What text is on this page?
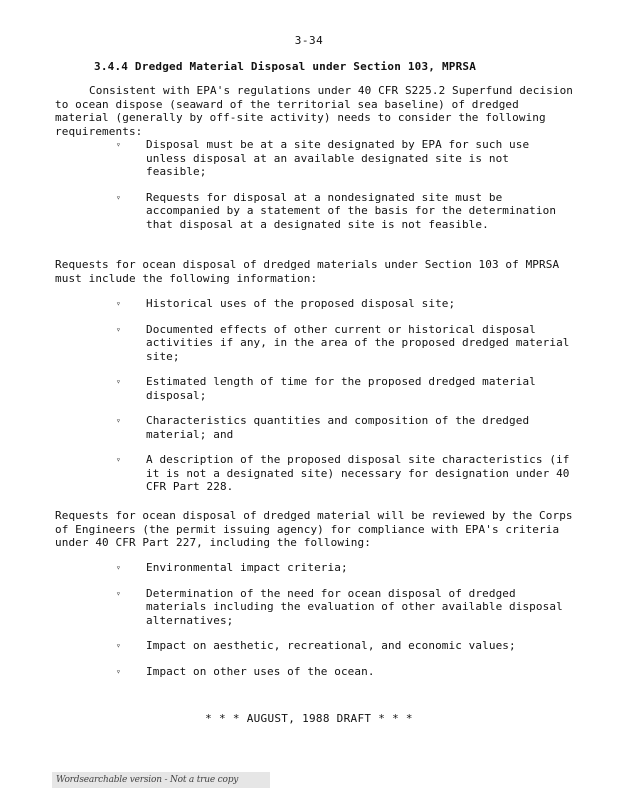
3-34
3.4.4 Dredged Material Disposal under Section 103, MPRSA
Consistent with EPA's regulations under 40 CFR S225.2 Superfund decision to ocean dispose (seaward of the territorial sea baseline) of dredged material (generally by off-site activity) needs to consider the following requirements:
▿ Disposal must be at a site designated by EPA for such use unless disposal at an available designated site is not feasible;
▿ Requests for disposal at a nondesignated site must be accompanied by a statement of the basis for the determination that disposal at a designated site is not feasible.
Requests for ocean disposal of dredged materials under Section 103 of MPRSA must include the following information:
▿ Historical uses of the proposed disposal site;
▿ Documented effects of other current or historical disposal activities if any, in the area of the proposed dredged material site;
▿ Estimated length of time for the proposed dredged material disposal;
▿ Characteristics quantities and composition of the dredged material; and
▿ A description of the proposed disposal site characteristics (if it is not a designated site) necessary for designation under 40 CFR Part 228.
Requests for ocean disposal of dredged material will be reviewed by the Corps of Engineers (the permit issuing agency) for compliance with EPA's criteria under 40 CFR Part 227, including the following:
▿ Environmental impact criteria;
▿ Determination of the need for ocean disposal of dredged materials including the evaluation of other available disposal alternatives;
▿ Impact on aesthetic, recreational, and economic values;
▿ Impact on other uses of the ocean.
* * * AUGUST, 1988 DRAFT * * *
Wordsearchable version - Not a true copy
